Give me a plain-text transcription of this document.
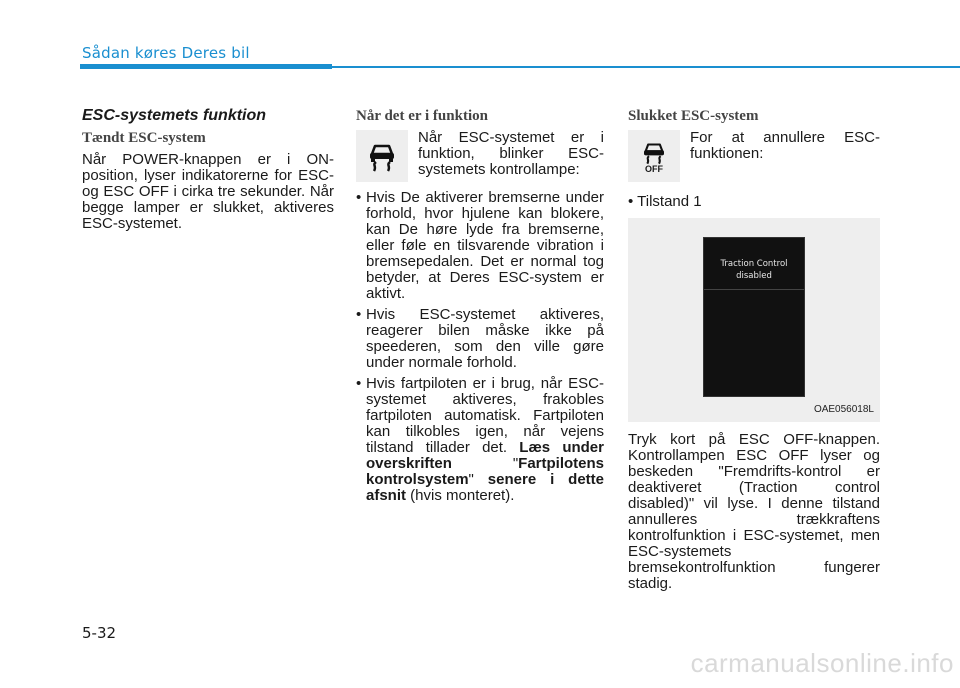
Sådan køres Deres bil
ESC-systemets funktion
Tændt ESC-system

Når POWER-knappen er i ON-position, lyser indikatorerne for ESC- og ESC OFF i cirka tre sekunder. Når begge lamper er slukket, aktiveres ESC-systemet.

Når det er i funktion

Når ESC-systemet er i funktion, blinker ESC-systemets kontrollampe:

• Hvis De aktiverer bremserne under forhold, hvor hjulene kan blokere, kan De høre lyde fra bremserne, eller føle en tilsvarende vibration i bremsepedalen. Det er normal tog betyder, at Deres ESC-system er aktivt.
• Hvis ESC-systemet aktiveres, reagerer bilen måske ikke på speederen, som den ville gøre under normale forhold.
• Hvis fartpiloten er i brug, når ESC-systemet aktiveres, frakobles fartpiloten automatisk. Fartpiloten kan tilkobles igen, når vejens tilstand tillader det. Læs under overskriften "Fartpilotens kontrolsystem" senere i dette afsnit (hvis monteret).
Slukket ESC-system
OFF

For at annullere ESC-funktionen:

• Tilstand 1
Traction Control
disabled
OAE056018L

Tryk kort på ESC OFF-knappen. Kontrollampen ESC OFF lyser og beskeden "Fremdrifts-kontrol er deaktiveret (Traction control disabled)" vil lyse. I denne tilstand annulleres trækkraftens kontrolfunktion i ESC-systemet, men ESC-systemets bremsekontrolfunktion fungerer stadig.

5-32
carmanualsonline.info
